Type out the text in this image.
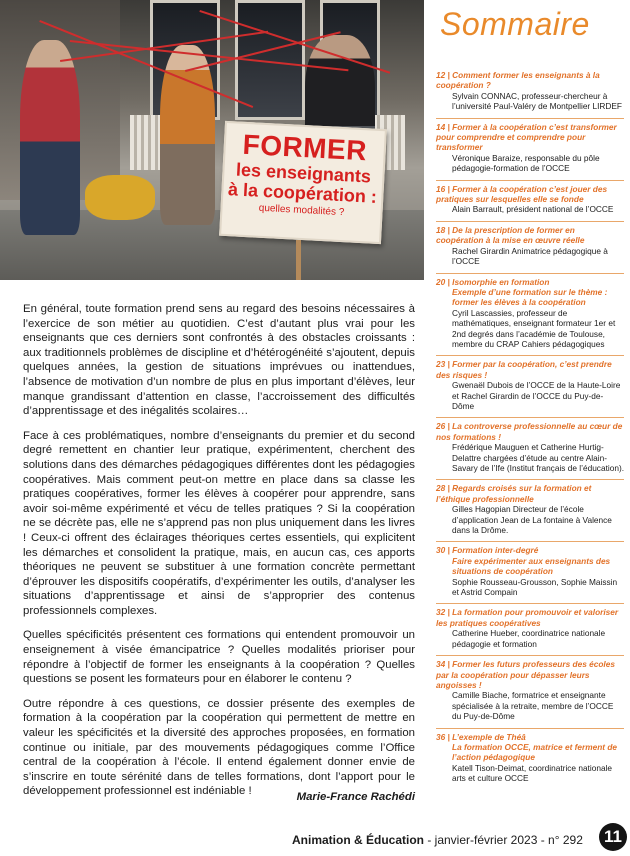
FORMER
les enseignants
à la coopération :
quelles modalités ?

En général, toute formation prend sens au regard des besoins nécessaires à l’exercice de son métier au quotidien. C’est d’autant plus vrai pour les enseignants que ces derniers sont confrontés à des obstacles croissants : aux traditionnels problèmes de discipline et d’hétérogénéité s’ajoutent, depuis quelques années, la gestion de situations imprévues ou inattendues, l’absence de motivation d’un nombre de plus en plus important d’élèves, leur manque grandissant d’attention en classe, l’accroissement des difficultés d’apprentissage et des inégalités scolaires…

Face à ces problématiques, nombre d’enseignants du premier et du second degré remettent en chantier leur pratique, expérimentent, cherchent des solutions dans des démarches pédagogiques différentes dont les pédagogies coopératives. Mais comment peut-on mettre en place dans sa classe les pratiques coopératives, former les élèves à coopérer pour apprendre, sans avoir soi-même expérimenté et vécu de telles pratiques ? Si la coopération ne se décrète pas, elle ne s’apprend pas non plus uniquement dans les livres ! Ceux-ci offrent des éclairages théoriques certes essentiels, qui explicitent les démarches et consolident la pratique, mais, en aucun cas, ces apports théoriques ne peuvent se substituer à une formation concrète permettant d’éprouver les dispositifs coopératifs, d’expérimenter les outils, d’analyser les situations d’apprentissage et ainsi de s’approprier des contenus professionnels complexes.

Quelles spécificités présentent ces formations qui entendent promouvoir un enseignement à visée émancipatrice ? Quelles modalités prioriser pour répondre à l’objectif de former les enseignants à la coopération ? Quelles questions se posent les formateurs pour en élaborer le contenu ?

Outre répondre à ces questions, ce dossier présente des exemples de formation à la coopération par la coopération qui permettent de mettre en valeur les spécificités et la diversité des approches proposées, en formation continue ou initiale, par des mouvements pédagogiques comme l’Office central de la coopération à l’école. Il entend également donner envie de s’inscrire en toute sérénité dans de telles formations, dont l’apport pour le développement professionnel est indéniable !	Marie-France Rachédi
Sommaire
12 | Comment former les enseignants à la coopération ?
Sylvain CONNAC, professeur-chercheur à l’université Paul-Valéry de Montpellier LIRDEF
14 | Former à la coopération c’est transformer pour comprendre et comprendre pour transformer
Véronique Baraize, responsable du pôle pédagogie-formation de l’OCCE
16 | Former à la coopération c’est jouer des pratiques sur lesquelles elle se fonde
Alain Barrault, président national de l’OCCE
18 | De la prescription de former en coopération à la mise en œuvre réelle
Rachel Girardin Animatrice pédagogique à l’OCCE
20 | Isomorphie en formation
Exemple d’une formation sur le thème : former les élèves à la coopération
Cyril Lascassies, professeur de mathématiques, enseignant formateur 1er et 2nd degrés dans l’académie de Toulouse, membre du CRAP Cahiers pédagogiques
23 | Former par la coopération, c’est prendre des risques !
Gwenaël Dubois de l’OCCE de la Haute-Loire et Rachel Girardin de l’OCCE du Puy-de-Dôme
26 | La controverse professionnelle au cœur de nos formations !
Frédérique Mauguen et Catherine Hurtig-Delattre chargées d’étude au centre Alain-Savary de l’Ife (Institut français de l’éducation).
28 | Regards croisés sur la formation et l’éthique professionnelle
Gilles Hagopian Directeur de l’école d’application Jean de La fontaine à Valence dans la Drôme.
30 | Formation inter-degré
Faire expérimenter aux enseignants des situations de coopération
Sophie Rousseau-Grousson, Sophie Maissin et Astrid Compain
32 | La formation pour promouvoir et valoriser les pratiques coopératives
Catherine Hueber, coordinatrice nationale pédagogie et formation
34 | Former les futurs professeurs des écoles par la coopération pour dépasser leurs angoisses !
Camille Biache, formatrice et enseignante spécialisée à la retraite, membre de l’OCCE du Puy-de-Dôme
36 | L’exemple de Théâ
La formation OCCE, matrice et ferment de l’action pédagogique
Katell Tison-Deimat, coordinatrice nationale arts et culture OCCE
Animation & Éducation - janvier-février 2023 - n° 292 11
